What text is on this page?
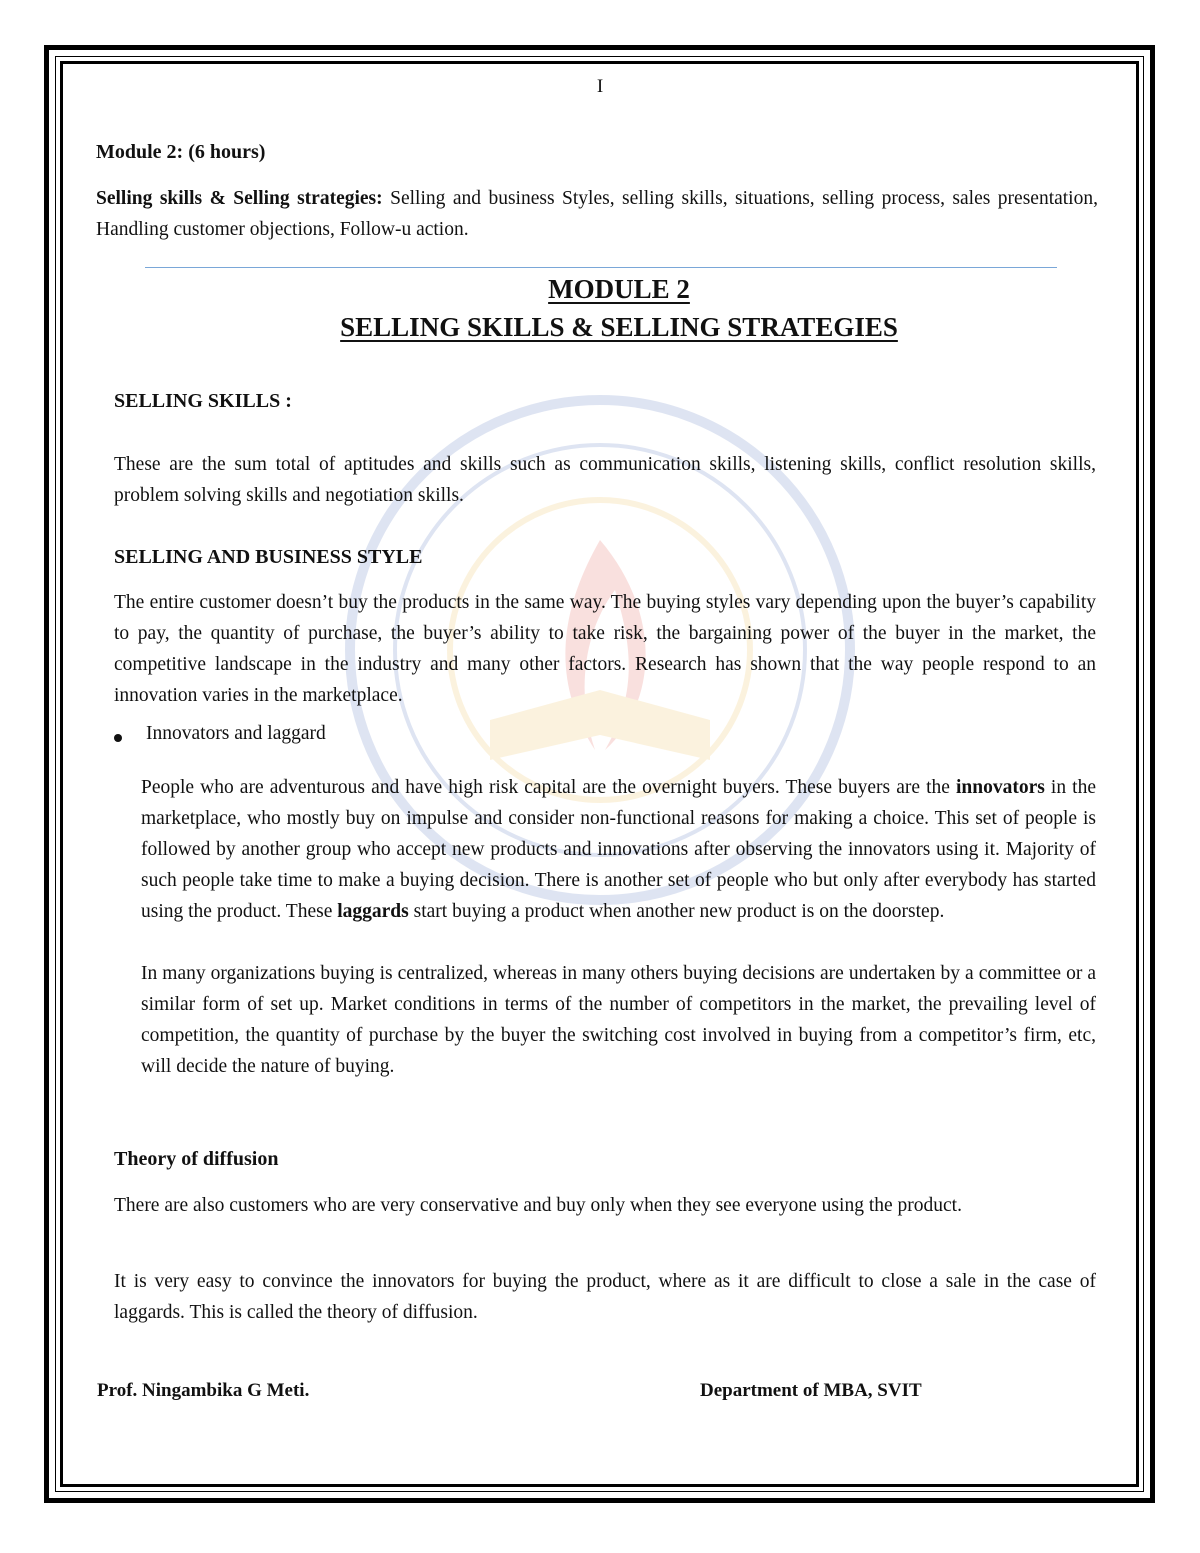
I

Module 2: (6 hours)

Selling skills & Selling strategies: Selling and business Styles, selling skills, situations, selling process, sales presentation, Handling customer objections, Follow-u action.

MODULE 2

SELLING SKILLS & SELLING STRATEGIES

SELLING SKILLS :

These are the sum total of aptitudes and skills such as communication skills, listening skills, conflict resolution skills, problem solving skills and negotiation skills.

SELLING AND BUSINESS STYLE

The entire customer doesn’t buy the products in the same way. The buying styles vary depending upon the buyer’s capability to pay, the quantity of purchase, the buyer’s ability to take risk, the bargaining power of the buyer in the market, the competitive landscape in the industry and many other factors. Research has shown that the way people respond to an innovation varies in the marketplace.

Innovators and laggard

People who are adventurous and have high risk capital are the overnight buyers. These buyers are the innovators in the marketplace, who mostly buy on impulse and consider non-functional reasons for making a choice. This set of people is followed by another group who accept new products and innovations after observing the innovators using it. Majority of such people take time to make a buying decision. There is another set of people who but only after everybody has started using the product. These laggards start buying a product when another new product is on the doorstep.

In many organizations buying is centralized, whereas in many others buying decisions are undertaken by a committee or a similar form of set up. Market conditions in terms of the number of competitors in the market, the prevailing level of competition, the quantity of purchase by the buyer the switching cost involved in buying from a competitor’s firm, etc, will decide the nature of buying.

Theory of diffusion

There are also customers who are very conservative and buy only when they see everyone using the product.

It is very easy to convince the innovators for buying the product, where as it are difficult to close a sale in the case of laggards. This is called the theory of diffusion.

Prof. Ningambika G Meti.	Department of MBA, SVIT
